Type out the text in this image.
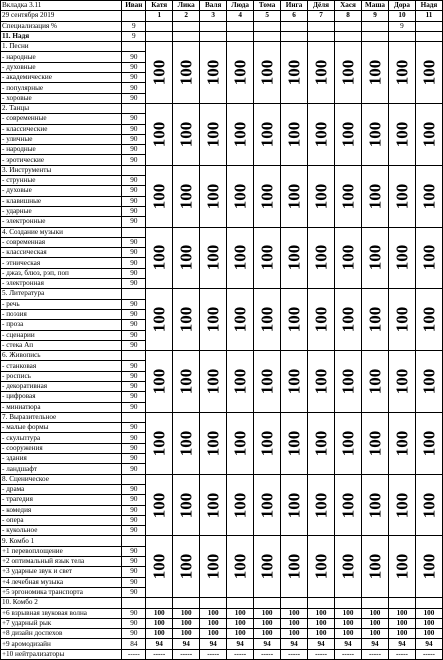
Вкладка 3.11	Иван	Катя	Лика	Валя	Люда	Тома	Инга	Дёля	Хася	Маша	Дора	Надя
29 сентября 2019		1	2	3	4	5	6	7	8	9	10	11
Специализация %	9										9	
11. Надя	9											
1. Песни		100	100	100	100	100	100	100	100	100	100	100
- народные	90											
- духовные	90											
- академические	90											
- популярные	90											
- хоровые	90											
2. Танцы		100	100	100	100	100	100	100	100	100	100	100
- современные	90											
- классические	90											
- уличные	90											
- народные	90											
- эротические	90											
3. Инструменты		100	100	100	100	100	100	100	100	100	100	100
- струнные	90											
- духовые	90											
- клавишные	90											
- ударные	90											
- электронные	90											
4. Создание музыки		100	100	100	100	100	100	100	100	100	100	100
- современная	90											
- классическая	90											
- этническая	90											
- джаз, блюз, рэп, поп	90											
- электронная	90											
5. Литература		100	100	100	100	100	100	100	100	100	100	100
- речь	90											
- поэзия	90											
- проза	90											
- сценарии	90											
- стека Ап	90											
6. Живопись		100	100	100	100	100	100	100	100	100	100	100
- станковая	90											
- роспись	90											
- декоративная	90											
- цифровая	90											
- миниатюра	90											
7. Выразительное		100	100	100	100	100	100	100	100	100	100	100
- малые формы	90											
- скульптура	90											
- сооружения	90											
- здания	90											
- ландшафт	90											
8. Сценическое		100	100	100	100	100	100	100	100	100	100	100
- драма	90											
- трагедия	90											
- комедия	90											
- опера	90											
- кукольное	90											
9. Комбо 1		100	100	100	100	100	100	100	100	100	100	100
+1 перевоплощение	90											
+2 оптимальный язык тела	90											
+3 ударные звук и свет	90											
+4 лечебная музыка	90											
+5 эргономика транспорта	90											
10. Комбо 2												
+6 взрывная звуковая волна	90	100	100	100	100	100	100	100	100	100	100	100
+7 ударный рык	90	100	100	100	100	100	100	100	100	100	100	100
+8 дизайн доспехов	90	100	100	100	100	100	100	100	100	100	100	100
+9 аромодизайн	84	94	94	94	94	94	94	94	94	94	94	94
+10 нейтрализаторы	-----	-----	-----	-----	-----	-----	-----	-----	-----	-----	-----	-----
